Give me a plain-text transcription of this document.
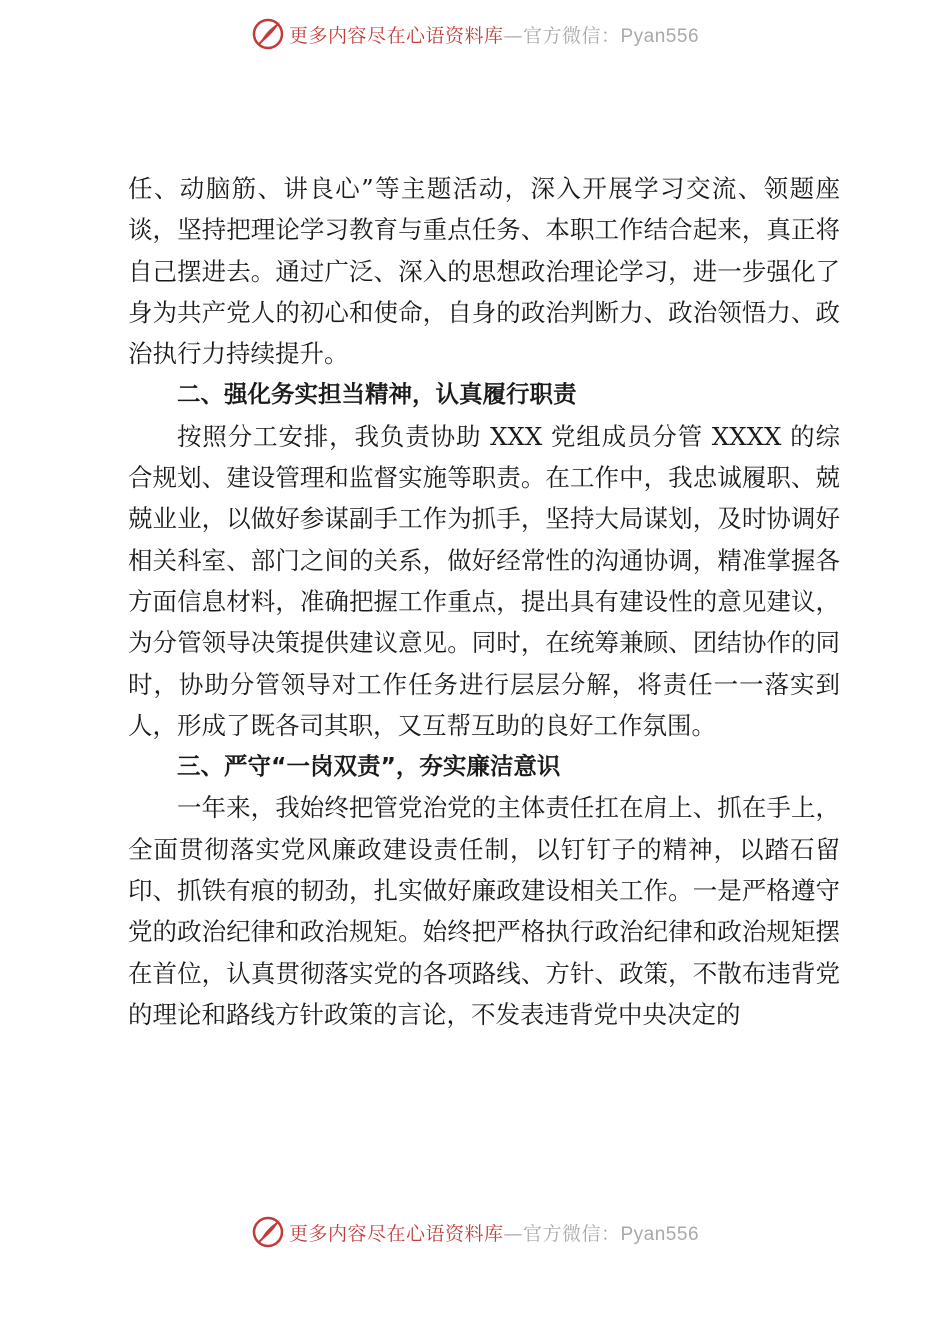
更多内容尽在心语资料库—官方微信：Pyan556

任、动脑筋、讲良心”等主题活动，深入开展学习交流、领题座谈，坚持把理论学习教育与重点任务、本职工作结合起来，真正将自己摆进去。通过广泛、深入的思想政治理论学习，进一步强化了身为共产党人的初心和使命，自身的政治判断力、政治领悟力、政治执行力持续提升。

二、强化务实担当精神，认真履行职责

按照分工安排，我负责协助 XXX 党组成员分管 XXXX 的综合规划、建设管理和监督实施等职责。在工作中，我忠诚履职、兢兢业业，以做好参谋副手工作为抓手，坚持大局谋划，及时协调好相关科室、部门之间的关系，做好经常性的沟通协调，精准掌握各方面信息材料，准确把握工作重点，提出具有建设性的意见建议，为分管领导决策提供建议意见。同时，在统筹兼顾、团结协作的同时，协助分管领导对工作任务进行层层分解，将责任一一落实到人，形成了既各司其职，又互帮互助的良好工作氛围。

三、严守“一岗双责”，夯实廉洁意识

一年来，我始终把管党治党的主体责任扛在肩上、抓在手上，全面贯彻落实党风廉政建设责任制，以钉钉子的精神，以踏石留印、抓铁有痕的韧劲，扎实做好廉政建设相关工作。一是严格遵守党的政治纪律和政治规矩。始终把严格执行政治纪律和政治规矩摆在首位，认真贯彻落实党的各项路线、方针、政策，不散布违背党的理论和路线方针政策的言论，不发表违背党中央决定的

更多内容尽在心语资料库—官方微信：Pyan556
